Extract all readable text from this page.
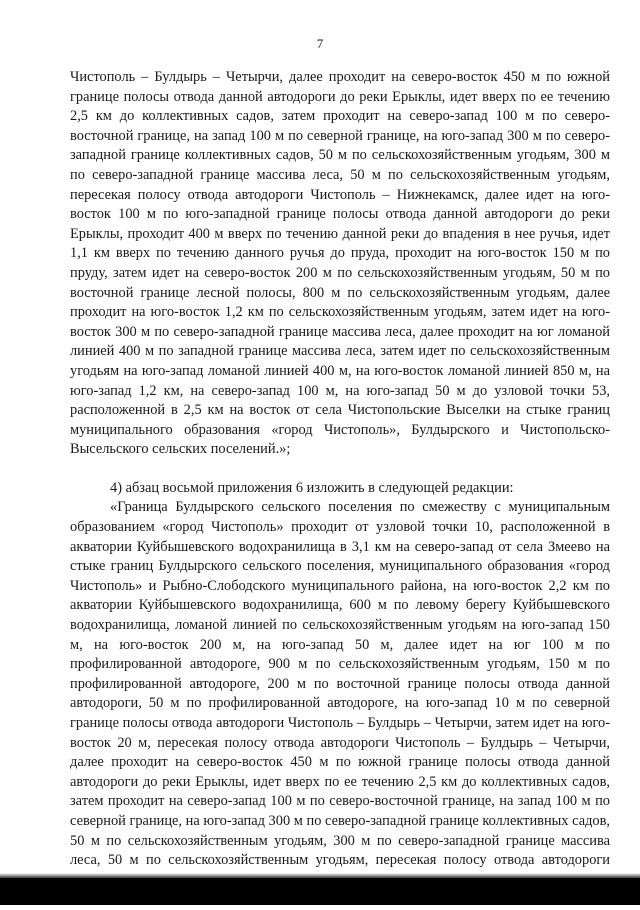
7

Чистополь – Булдырь – Четырчи, далее проходит на северо-восток 450 м по южной границе полосы отвода данной автодороги до реки Ерыклы, идет вверх по ее течению 2,5 км до коллективных садов, затем проходит на северо-запад 100 м по северо-восточной границе, на запад 100 м по северной границе, на юго-запад 300 м по северо-западной границе коллективных садов, 50 м по сельскохозяйственным угодьям, 300 м по северо-западной границе массива леса, 50 м по сельскохозяйственным угодьям, пересекая полосу отвода автодороги Чистополь – Нижнекамск, далее идет на юго-восток 100 м по юго-западной границе полосы отвода данной автодороги до реки Ерыклы, проходит 400 м вверх по течению данной реки до впадения в нее ручья, идет 1,1 км вверх по течению данного ручья до пруда, проходит на юго-восток 150 м по пруду, затем идет на северо-восток 200 м по сельскохозяйственным угодьям, 50 м по восточной границе лесной полосы, 800 м по сельскохозяйственным угодьям, далее проходит на юго-восток 1,2 км по сельскохозяйственным угодьям, затем идет на юго-восток 300 м по северо-западной границе массива леса, далее проходит на юг ломаной линией 400 м по западной границе массива леса, затем идет по сельскохозяйственным угодьям на юго-запад ломаной линией 400 м, на юго-восток ломаной линией 850 м, на юго-запад 1,2 км, на северо-запад 100 м, на юго-запад 50 м до узловой точки 53, расположенной в 2,5 км на восток от села Чистопольские Выселки на стыке границ муниципального образования «город Чистополь», Булдырского и Чистопольско-Высельского сельских поселений.»;

4) абзац восьмой приложения 6 изложить в следующей редакции:

«Граница Булдырского сельского поселения по смежеству с муниципальным образованием «город Чистополь» проходит от узловой точки 10, расположенной в акватории Куйбышевского водохранилища в 3,1 км на северо-запад от села Змеево на стыке границ Булдырского сельского поселения, муниципального образования «город Чистополь» и Рыбно-Слободского муниципального района, на юго-восток 2,2 км по акватории Куйбышевского водохранилища, 600 м по левому берегу Куйбышевского водохранилища, ломаной линией по сельскохозяйственным угодьям на юго-запад 150 м, на юго-восток 200 м, на юго-запад 50 м, далее идет на юг 100 м по профилированной автодороге, 900 м по сельскохозяйственным угодьям, 150 м по профилированной автодороге, 200 м по восточной границе полосы отвода данной автодороги, 50 м по профилированной автодороге, на юго-запад 10 м по северной границе полосы отвода автодороги Чистополь – Булдырь – Четырчи, затем идет на юго-восток 20 м, пересекая полосу отвода автодороги Чистополь – Булдырь – Четырчи, далее проходит на северо-восток 450 м по южной границе полосы отвода данной автодороги до реки Ерыклы, идет вверх по ее течению 2,5 км до коллективных садов, затем проходит на северо-запад 100 м по северо-восточной границе, на запад 100 м по северной границе, на юго-запад 300 м по северо-западной границе коллективных садов, 50 м по сельскохозяйственным угодьям, 300 м по северо-западной границе массива леса, 50 м по сельскохозяйственным угодьям, пересекая полосу отвода автодороги
